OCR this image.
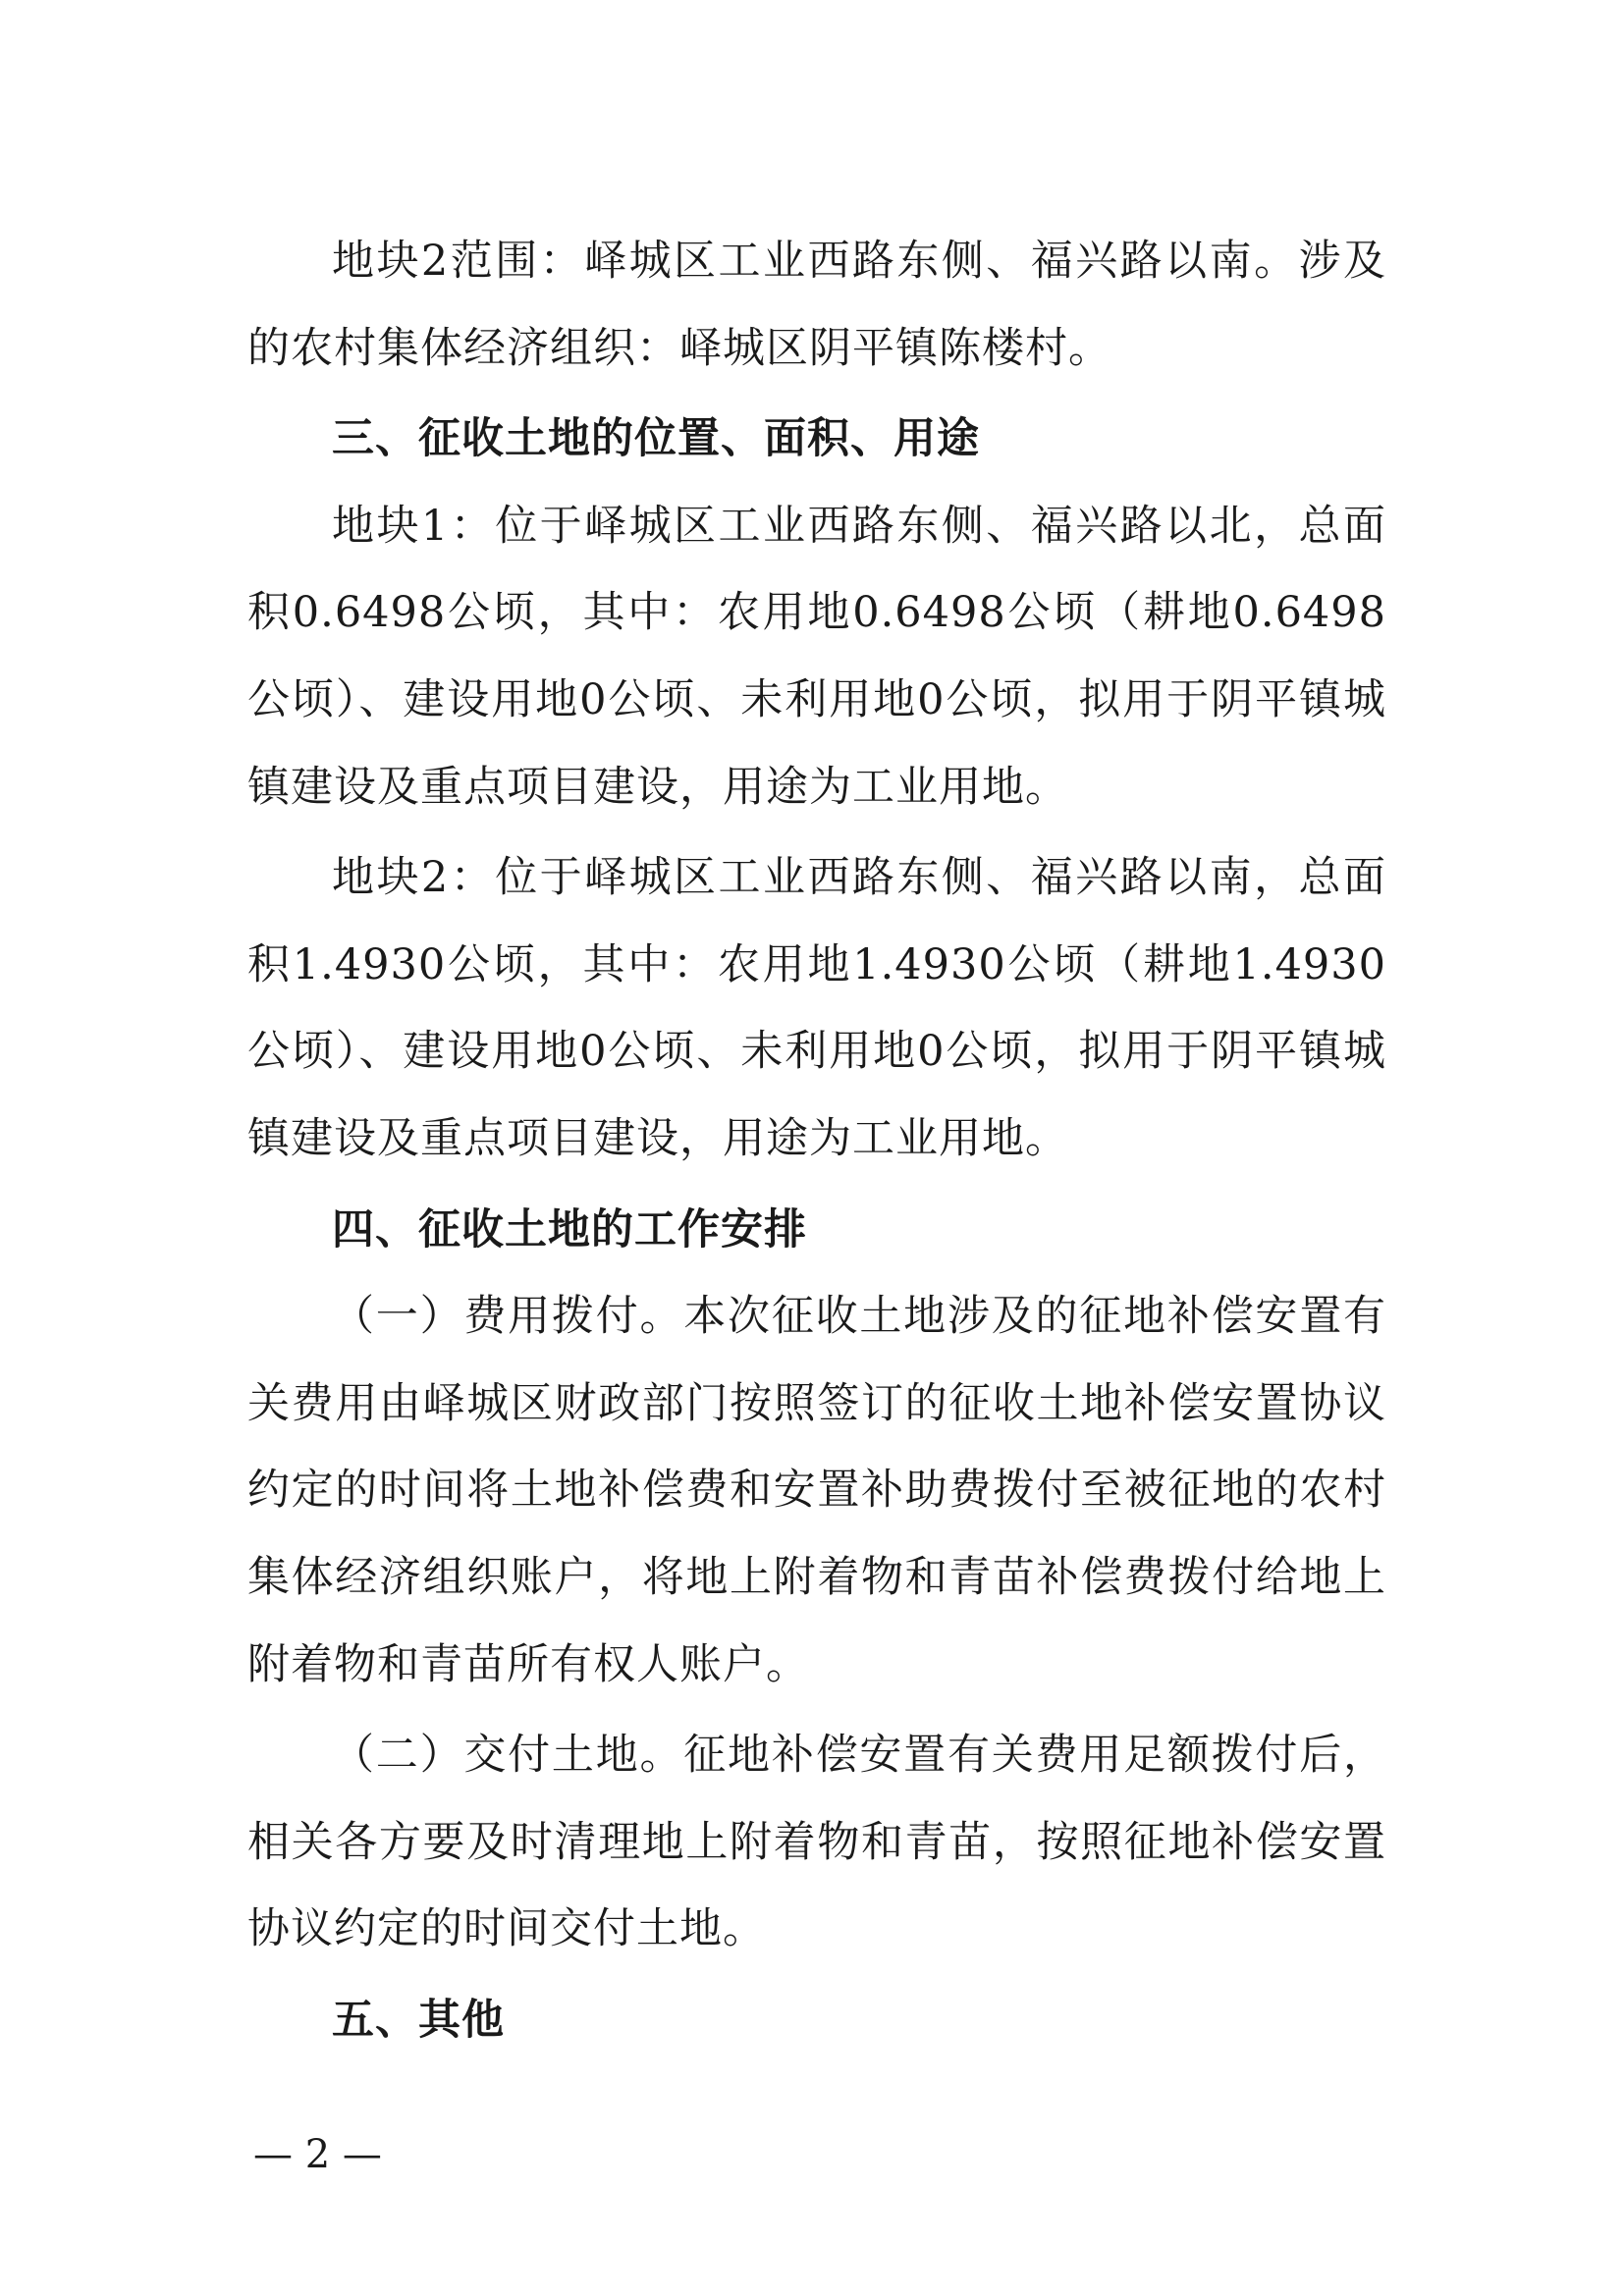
地块2范围：峄城区工业西路东侧、福兴路以南。涉及的农村集体经济组织：峄城区阴平镇陈楼村。

三、征收土地的位置、面积、用途

地块1：位于峄城区工业西路东侧、福兴路以北，总面积0.6498公顷，其中：农用地0.6498公顷（耕地0.6498公顷）、建设用地0公顷、未利用地0公顷，拟用于阴平镇城镇建设及重点项目建设，用途为工业用地。

地块2：位于峄城区工业西路东侧、福兴路以南，总面积1.4930公顷，其中：农用地1.4930公顷（耕地1.4930公顷）、建设用地0公顷、未利用地0公顷，拟用于阴平镇城镇建设及重点项目建设，用途为工业用地。

四、征收土地的工作安排

（一）费用拨付。本次征收土地涉及的征地补偿安置有关费用由峄城区财政部门按照签订的征收土地补偿安置协议约定的时间将土地补偿费和安置补助费拨付至被征地的农村集体经济组织账户，将地上附着物和青苗补偿费拨付给地上附着物和青苗所有权人账户。

（二）交付土地。征地补偿安置有关费用足额拨付后，相关各方要及时清理地上附着物和青苗，按照征地补偿安置协议约定的时间交付土地。

五、其他

— 2 —
